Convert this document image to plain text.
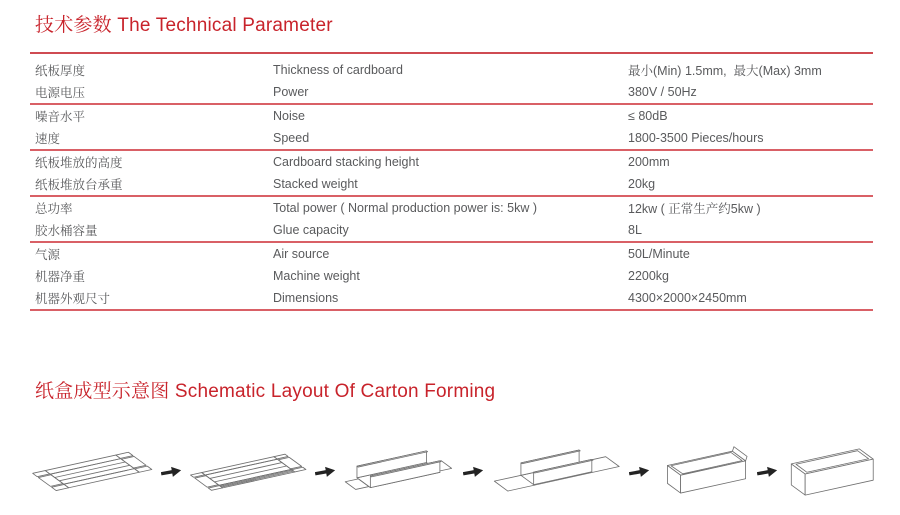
技术参数 The Technical Parameter
纸板厚度	Thickness of cardboard	最小(Min) 1.5mm,  最大(Max) 3mm
电源电压	Power	380V / 50Hz
噪音水平	Noise	≤ 80dB
速度	Speed	1800-3500 Pieces/hours
纸板堆放的高度	Cardboard stacking height	200mm
纸板堆放台承重	Stacked weight	20kg
总功率	Total power ( Normal production power is: 5kw )	12kw ( 正常生产约5kw )
胶水桶容量	Glue capacity	8L
气源	Air source	50L/Minute
机器净重	Machine weight	2200kg
机器外观尺寸	Dimensions	4300×2000×2450mm
纸盒成型示意图 Schematic Layout Of Carton Forming
